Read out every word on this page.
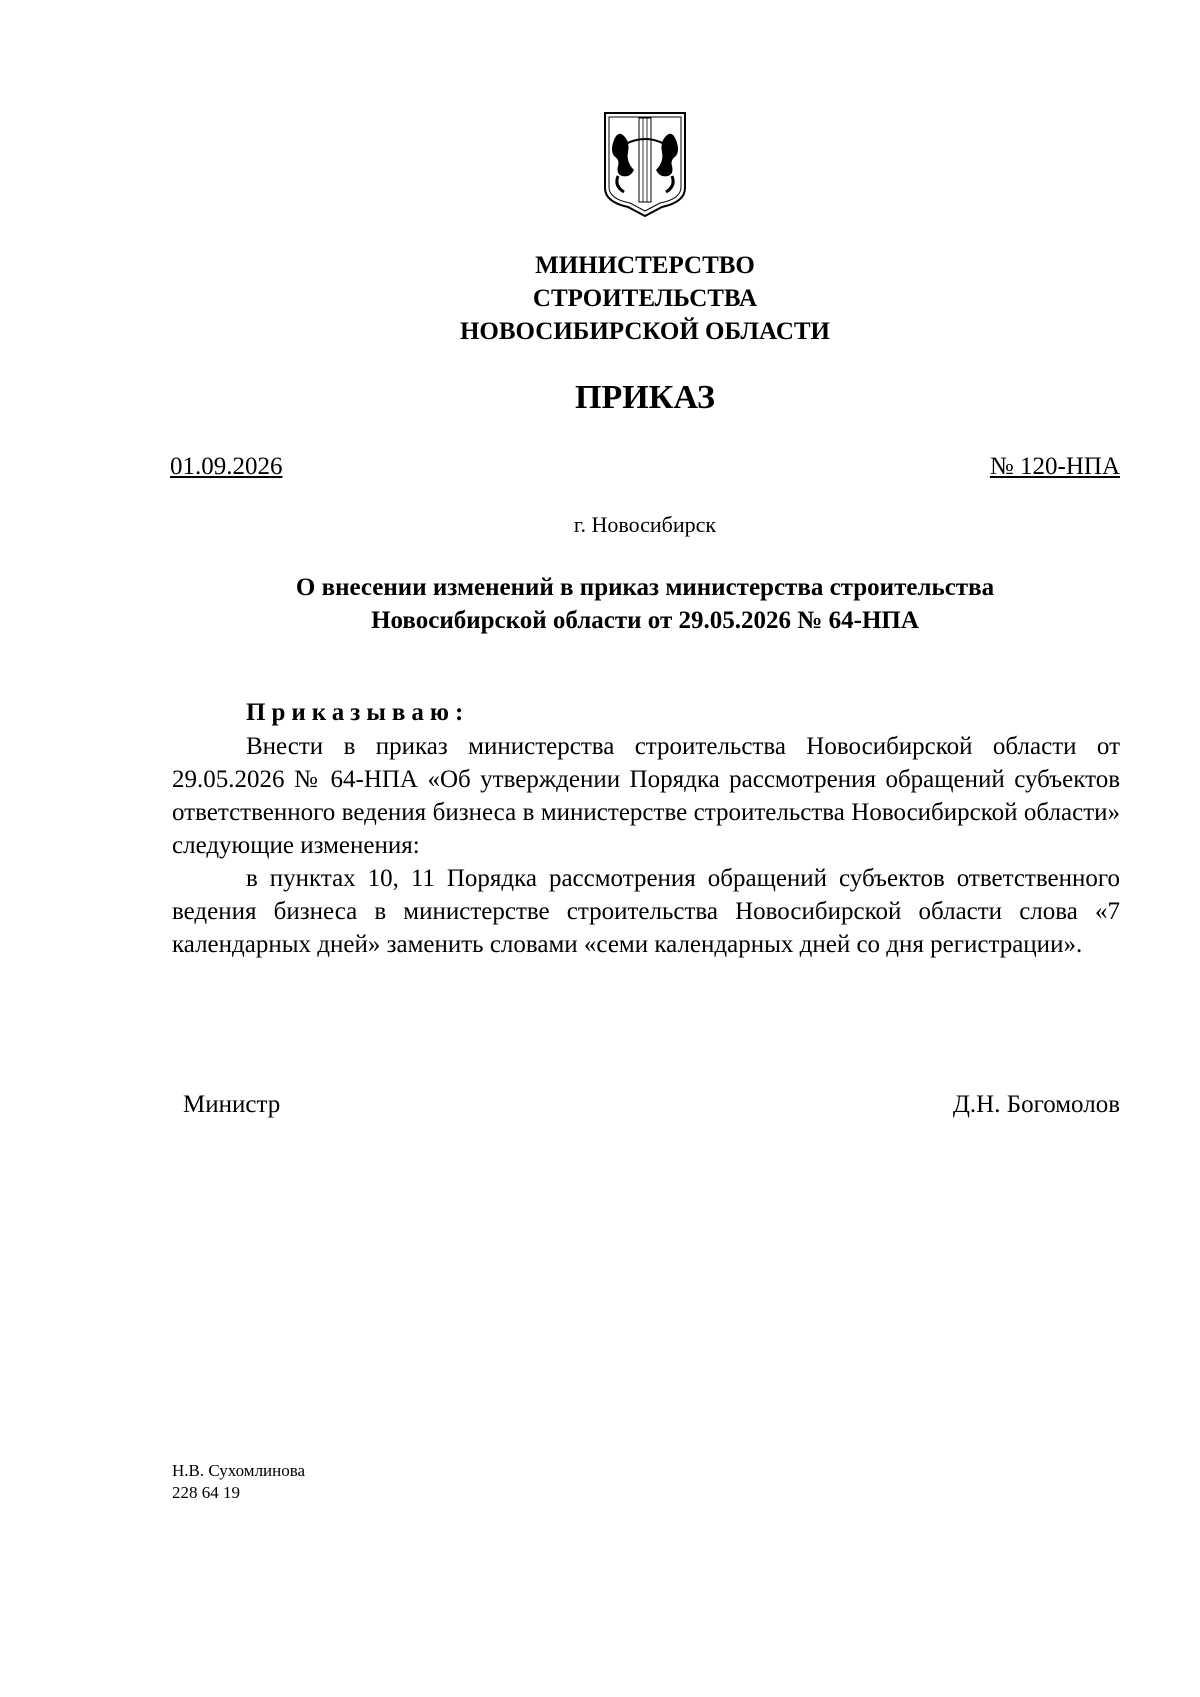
МИНИСТЕРСТВО
СТРОИТЕЛЬСТВА
НОВОСИБИРСКОЙ ОБЛАСТИ
ПРИКАЗ
01.09.2026	№ 120-НПА
г. Новосибирск
О внесении изменений в приказ министерства строительства
Новосибирской области от 29.05.2026 № 64-НПА
Приказываю:

Внести в приказ министерства строительства Новосибирской области от 29.05.2026 № 64-НПА «Об утверждении Порядка рассмотрения обращений субъектов ответственного ведения бизнеса в министерстве строительства Новосибирской области» следующие изменения:

в пунктах 10, 11 Порядка рассмотрения обращений субъектов ответственного ведения бизнеса в министерстве строительства Новосибирской области слова «7 календарных дней» заменить словами «семи календарных дней со дня регистрации».

Министр	Д.Н. Богомолов
Н.В. Сухомлинова
228 64 19
